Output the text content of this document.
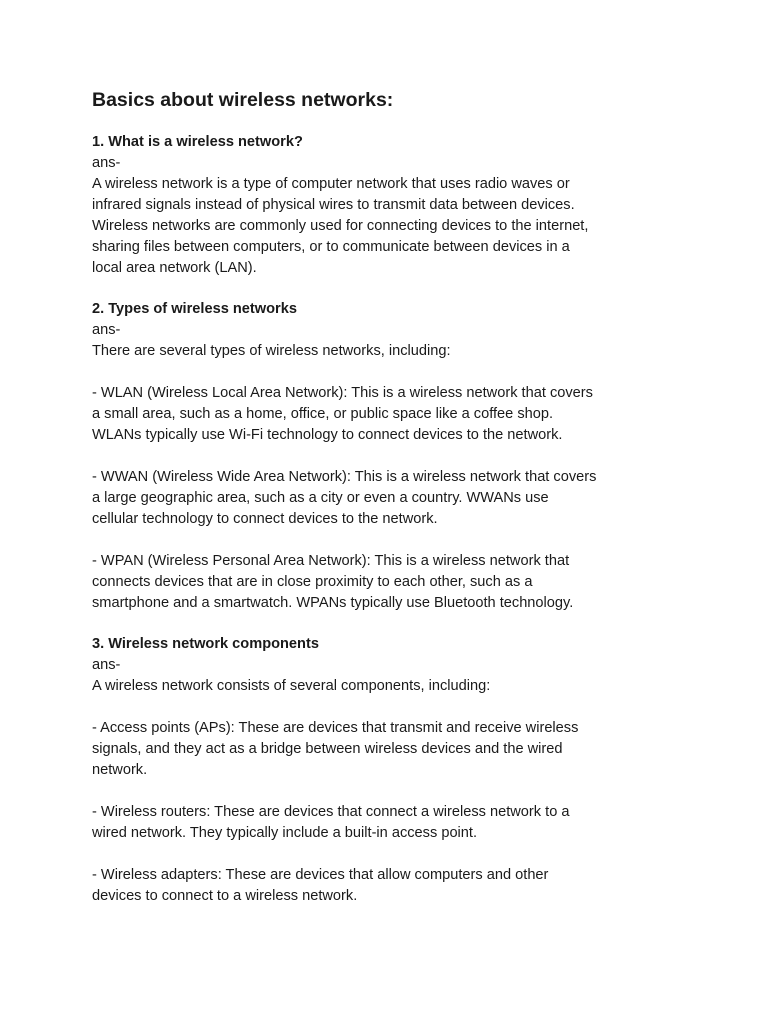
Basics about wireless networks:

1. What is a wireless network?

ans-

A wireless network is a type of computer network that uses radio waves or
infrared signals instead of physical wires to transmit data between devices.
Wireless networks are commonly used for connecting devices to the internet,
sharing files between computers, or to communicate between devices in a
local area network (LAN).

2. Types of wireless networks

ans-

There are several types of wireless networks, including:

- WLAN (Wireless Local Area Network): This is a wireless network that covers
a small area, such as a home, office, or public space like a coffee shop.
WLANs typically use Wi-Fi technology to connect devices to the network.

- WWAN (Wireless Wide Area Network): This is a wireless network that covers
a large geographic area, such as a city or even a country. WWANs use
cellular technology to connect devices to the network.

- WPAN (Wireless Personal Area Network): This is a wireless network that
connects devices that are in close proximity to each other, such as a
smartphone and a smartwatch. WPANs typically use Bluetooth technology.

3. Wireless network components

ans-

A wireless network consists of several components, including:

- Access points (APs): These are devices that transmit and receive wireless
signals, and they act as a bridge between wireless devices and the wired
network.

- Wireless routers: These are devices that connect a wireless network to a
wired network. They typically include a built-in access point.

- Wireless adapters: These are devices that allow computers and other
devices to connect to a wireless network.
